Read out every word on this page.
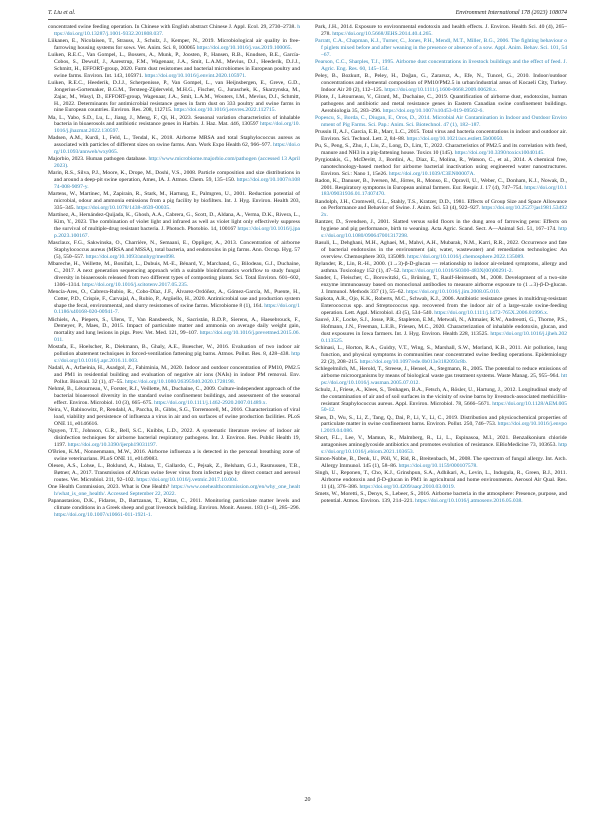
T. Liu et al.	Environment International 178 (2023) 108074

concentrated swine feeding operation. In Chinese with English abstract Chinese J. Appl. Ecol. 29, 2730–2738. https://doi.org/10.13287/j.1001-9332.201808.037.

Liikanen, E., Nicolaisen, T., Strauss, J., Schulz, J., Kemper, N., 2019. Microbiological air quality in free-farrowing housing systems for sows. Vet. Anim. Sci. 8, 100065 https://doi.org/10.1016/j.vas.2019.100065.

Luiken, R.E.C., Van Gompel, L., Bossers, A., Munk, P., Joosten, P., Hansen, R.B., Knudsen, B.E., García-Cobos, S., Dewulf, J., Aarestrup, F.M., Wagenaar, J.A., Smit, L.A.M., Mevius, D.J., Heederik, D.J.J., Schmitt, H., EFFORT-group, 2020. Farm dust resistomes and bacterial microbiomes in European poultry and swine farms. Environ. Int. 143, 105971. https://doi.org/10.1016/j.envint.2020.105971.

Luiken, R.E.C., Heederik, D.J.J., Scherpenisse, P., Van Gompel, L., van Heijnsbergen, E., Greve, G.D., Jongerius-Gortemaker, B.G.M., Tersteeg-Zijderveld, M.H.G., Fischer, G., Juraschek, K., Skarzynska, M., Zajac, M., Wasyl, D., EFFORT-group, Wagenaar, J.A., Smit, L.A.M., Wouters, I.M., Mevius, D.J., Schmitt, H., 2022. Determinants for antimicrobial resistance genes in farm dust on 333 poultry and swine farms in nine European countries. Environ. Res. 208, 112715. https://doi.org/10.1016/j.envres.2022.112715.

Ma, L., Yabo, S.D., Lu, L., Jiang, J., Meng, F., Qi, H., 2023. Seasonal variation characteristics of inhalable bacteria in bioaerosols and antibiotic resistance genes in Harbin. J. Haz. Mat. 446, 130597 https://doi.org/10.1016/j.jhazmat.2022.130597.

Madsen, A.M., Kurdi, I., Feld, L., Tendal, K., 2018. Airborne MRSA and total Staphylococcus aureus as associated with particles of different sizes on swine farms. Ann. Work Expo Health 62, 966–977. https://doi.org/10.1093/annweh/wxy065.

Majorbio, 2023. Human pathogen database. http://www.microbiome.majorbio.com/pathogen (accessed 13 April 2023).

Marin, R.S., Silva, P.J., Moore, K., Drope, M., Doshi, V.S., 2008. Particle composition and size distributions in and around a deep-pit swine operation, Ames, IA. J. Atmos. Chem. 59, 135–150. https://doi.org/10.1007/s10874-008-9097-y.

Martens, W., Martinec, M., Zapirain, R., Stark, M., Hartung, E., Palmgren, U., 2001. Reduction potential of microbial, odour and ammonia emissions from a pig facility by biofilters. Int. J. Hyg. Environ. Health 203, 335–345. https://doi.org/10.1078/1438-4639-00035.

Martínez, A., Hernández-Quijada, K., Ghosh, A.A., Cabrera, G., Scott, D., Aldana, A., Verma, D.K., Rivera, L., Kim, Y., 2023. The combination of violet light and infrared as well as violet light only effectively suppress the survival of multiple-drug resistant bacteria. J. Photoch. Photobio. 14, 100167 https://doi.org/10.1016/j.jpap.2023.100167.

Masclaux, F.G., Sakwinska, O., Charrière, N., Semaani, E., Oppliger, A., 2013. Concentration of airborne Staphylococcus aureus (MRSA and MSSA), total bacteria, and endotoxins in pig farms. Ann. Occup. Hyg. 57 (5), 550–557. https://doi.org/10.1093/annhyg/mes098.

Mbareche, H., Veillette, M., Bonifait, L., Dubuis, M.-E., Bénard, Y., Marchand, G., Bilodeau, G.J., Duchaine, C., 2017. A next generation sequencing approach with a suitable bioinformatics workflow to study fungal diversity in bioaerosols released from two different types of composting plants. Sci. Total Environ. 601–602, 1306–1314. https://doi.org/10.1016/j.scitotenv.2017.05.235.

Mencía-Ares, O., Cabrera-Rubio, R., Cobo-Díaz, J.F., Álvarez-Ordóñez, A., Gómez-García, M., Puente, H., Cotter, P.D., Crispie, F., Carvajal, A., Rubio, P., Argüello, H., 2020. Antimicrobial use and production system shape the fecal, environmental, and slurry resistomes of swine farms. Microbiome 8 (1), 164. https://doi.org/10.1186/s40168-020-00941-7.

Michiels, A., Piepers, S., Ulens, T., Van Ransbeeck, N., Sacristán, R.D.P., Sierens, A., Haesebrouck, F., Demeyer, P., Maes, D., 2015. Impact of particulate matter and ammonia on average daily weight gain, mortality and lung lesions in pigs. Prev. Vet. Med. 121, 99–107. https://doi.org/10.1016/j.prevetmed.2015.06.011.

Mostafa, E., Hoelscher, R., Diekmann, B., Ghaly, A.E., Buescher, W., 2016. Evaluation of two indoor air pollution abatement techniques in forced-ventilation fattening pig barns. Atmos. Pollut. Res. 8, 428–438. https://doi.org/10.1016/j.apr.2016.11.003.

Nadali, A., Arfaeinia, H., Asadgol, Z., Fahiminia, M., 2020. Indoor and outdoor concentration of PM10, PM2.5 and PM1 in residential building and evaluation of negative air ions (NAIs) in indoor PM removal. Env. Pollut. Bioavail. 32 (1), 47–55. https://doi.org/10.1080/26395940.2020.1728198.

Nehmé, B., Létourneau, V., Forster, R.J., Veillette, M., Duchaine, C., 2009. Culture-independent approach of the bacterial bioaerosol diversity in the standard swine confinement buildings, and assessment of the seasonal effect. Environ. Microbiol. 10 (3), 665–675. https://doi.org/10.1111/j.1462-2920.2007.01489.x.

Neira, V., Rabinowitz, P., Rendahl, A., Paccha, B., Gibbs, S.G., Torremorell, M., 2016. Characterization of viral load, viability and persistence of influenza a virus in air and on surfaces of swine production facilities. PLoS ONE 11, e0146616.

Nguyen, T.T., Johnson, G.R., Bell, S.C., Knibbs, L.D., 2022. A systematic literature review of indoor air disinfection techniques for airborne bacterial respiratory pathogens. Int. J. Environ. Res. Public Health 19, 1197. https://doi.org/10.3390/ijerph19031197.

O'Brien, K.M., Nonnenmann, M.W., 2016. Airborne influenza a is detected in the personal breathing zone of swine veterinarians. PLoS ONE 11, e0149083.

Olesen, A.S., Lohse, L., Boklund, A., Halasa, T., Gallardo, C., Pejsak, Z., Belsham, G.J., Rasmussen, T.B., Bøtner, A., 2017. Transmission of African swine fever virus from infected pigs by direct contact and aerosol routes. Vet. Microbiol. 211, 92–102. https://doi.org/10.1016/j.vetmic.2017.10.004.

One Health Commission, 2023. What is One Health? https://www.onehealthcommission.org/en/why_one_health/what_is_one_health/. Accessed September 22, 2022.

Papanastasiou, D.K., Fidaros, D., Bartzanas, T., Kittas, C., 2011. Monitoring particulate matter levels and climate conditions in a Greek sheep and goat livestock building. Environ. Monit. Assess. 183 (1–4), 285–296. https://doi.org/10.1007/s10661-011-1921-1.

Park, J.H., 2014. Exposure to environmental endotoxin and health effects. J. Environ. Health Sci. 40 (4), 265–278. https://doi.org/10.5668/JEHS.2014.40.4.265.

Parratt, C.A., Chapman, K.J., Turner, C., Jones, P.H., Mendl, M.T., Miller, B.G., 2006. The fighting behaviour of piglets mixed before and after weaning in the presence or absence of a sow. Appl. Anim. Behav. Sci. 101, 54–67.

Pearson, C.C., Sharples, T.J., 1995. Airborne dust concentrations in livestock buildings and the effect of feed. J. Agric. Eng. Res. 60, 145–154.

Peley, B., Bozkurt, B., Peley, H., Doğan, G., Zararsız, A., Efe, N., Tuncel, G., 2010. Indoor/outdoor concentrations and elemental composition of PM10/PM2.5 in urban/industrial areas of Kocaeli City, Turkey. Indoor Air 20 (2), 112–125. https://doi.org/10.1111/j.1600-0668.2009.00628.x.

Pilote, J., Létourneau, V., Girard, M., Duchaine, C., 2019. Quantification of airborne dust, endotoxins, human pathogens and antibiotic and metal resistance genes in Eastern Canadian swine confinement buildings. Aerobiologia 35, 283–296. https://doi.org/10.1007/s10453-019-09562-6.

Popescu, S., Borda, C., Diugan, E., Oros, D., 2014. Microbial Air Contamination in Indoor and Outdoor Environment of Pig Farms. Sci. Pap.: Anim. Sci. Biotechnol. 47 (1), 182–187.

Prussin II, A.J., Garcia, E.B., Marr, L.C., 2015. Total virus and bacteria concentrations in indoor and outdoor air. Environ. Sci. Technol. Lett. 2, 84–88. https://doi.org/10.1021/acs.estlett.5b00050.

Pu, S., Peng, S., Zhu, J., Liu, Z., Long, D., Lim, T., 2022. Characteristics of PM2.5 and its correlation with feed, manure and NH3 in a pig-fattening house. Toxics 10 (145). https://doi.org/10.3390/toxics10040145.

Pyrgiotakis, G., McDevitt, J., Bordini, A., Diaz, E., Molina, R., Watson, C., et al., 2014. A chemical free, nanotechnology-based method for airborne bacterial inactivation using engineered water nanostructures. Environ. Sci.: Nano 1, 15e26. https://doi.org/10.1039/C3EN00007A.

Radon, K., Danuser, B., Iversen, M., Jörres, R., Monso, E., Opravil, U., Weber, C., Donham, K.J., Nowak, D., 2001. Respiratory symptoms in European animal farmers. Eur. Respir. J. 17 (4), 747–754. https://doi.org/10.1183/09031936.01.17407470.

Randolph, J.H., Cromwell, G.L., Stahly, T.S., Kratzer, D.D., 1981. Effects of Group Size and Space Allowance on Performance and Behavior of Swine. J. Anim. Sci. 53 (4), 922–927. https://doi.org/10.2527/jas1981.534922x.

Rantzer, D., Svendsen, J., 2001. Slatted versus solid floors in the dung area of farrowing pens: Effects on hygiene and pig performance, birth to weaning. Acta Agric. Scand. Sect. A—Animal Sci. 51, 167–174. https://doi.org/10.1080/090647001317298.

Rasuli, L., Dehghani, M.H., Aghaei, M., Mahvi, A.H., Mubarak, N.M., Karri, R.R., 2022. Occurrence and fate of bacterial endotoxins in the environment (air, water, wastewater) and remediation technologies: An overview. Chemosphere 303, 135089. https://doi.org/10.1016/j.chemosphere.2022.135089.

Rylander, R., Lin, R.-H., 2000. (1→3)-β-D-glucan — relationship to indoor air-related symptoms, allergy and asthma. Toxicology 152 (1), 47–52. https://doi.org/10.1016/S0300-483X(00)00291-2.

Sander, I., Fleischer, C., Borowitzki, G., Brüning, T., Raulf-Heimsoth, M., 2008. Development of a two-site enzyme immunoassay based on monoclonal antibodies to measure airborne exposure to (1→3)-β-D-glucan. J. Immunol. Methods 337 (1), 55–62. https://doi.org/10.1016/j.jim.2008.05.010.

Sapkota, A.R., Ojo, K.K., Roberts, M.C., Schwab, K.J., 2006. Antibiotic resistance genes in multidrug-resistant Enterococcus spp. and Streptococcus spp. recovered from the indoor air of a large-scale swine-feeding operation. Lett. Appl. Microbiol. 43 (5), 534–540. https://doi.org/10.1111/j.1472-765X.2006.01996.x.

Sauvé, J.F., Locke, S.J., Josse, P.R., Stapleton, E.M., Metwali, N., Altmaier, R.W., Andreotti, G., Thorne, P.S., Hofmann, J.N., Freeman, L.E.B., Friesen, M.C., 2020. Characterization of inhalable endotoxin, glucan, and dust exposures in Iowa farmers. Int. J. Hyg. Environ. Health 228, 113525. https://doi.org/10.1016/j.ijheh.2020.113525.

Schinasi, L., Horton, R.A., Guidry, V.T., Wing, S., Marshall, S.W., Morland, K.B., 2011. Air pollution, lung function, and physical symptoms in communities near concentrated swine feeding operations. Epidemiology 22 (2), 208–215. https://doi.org/10.1097/ede.0b013e3182093c8b.

Schlegelmilch, M., Herold, T., Streese, J., Hensel, A., Stegmann, R., 2005. The potential to reduce emissions of airborne microorganisms by means of biological waste gas treatment systems. Waste Manag. 25, 955–964. https://doi.org/10.1016/j.wasman.2005.07.012.

Schulz, J., Friese, A., Klees, S., Tenhagen, B.A., Fetsch, A., Rösler, U., Hartung, J., 2012. Longitudinal study of the contamination of air and of soil surfaces in the vicinity of swine barns by livestock-associated methicillin-resistant Staphylococcus aureus. Appl. Environ. Microbiol. 78, 5666–5671. https://doi.org/10.1128/AEM.00550-12.

Shen, D., Wu, S., Li, Z., Tang, Q., Dai, P., Li, Y., Li, C., 2019. Distribution and physicochemical properties of particulate matter in swine confinement barns. Environ. Pollut. 250, 746–753. https://doi.org/10.1016/j.envpol.2019.04.086.

Short, F.L., Lee, V., Mamun, R., Malmberg, R., Li, L., Espinasoa, M.I., 2021. Benzalkonium chloride antagonises aminoglycoside antibiotics and promotes evolution of resistance. EBioMedicine 73, 103653. https://doi.org/10.1016/j.ebiom.2021.103653.

Simon-Nobbe, B., Denk, U., Pöll, V., Rid, R., Breitenbach, M., 2008. The spectrum of fungal allergy. Int. Arch. Allergy Immunol. 145 (1), 58–86. https://doi.org/10.1159/000107578.

Singh, U., Reponen, T., Cho, K.J., Grinshpun, S.A., Adhikari, A., Levin, L., Indugula, R., Green, B.J., 2011. Airborne endotoxin and β-D-glucan in PM1 in agricultural and home environments. Aerosol Air Qual. Res. 11 (4), 376–386. https://doi.org/10.4209/aaqr.2010.03.0019.

Smets, W., Moretti, S., Denys, S., Lebeer, S., 2016. Airborne bacteria in the atmosphere: Presence, purpose, and potential. Atmos. Environ. 139, 214–221. https://doi.org/10.1016/j.atmosenv.2016.05.038.

20
